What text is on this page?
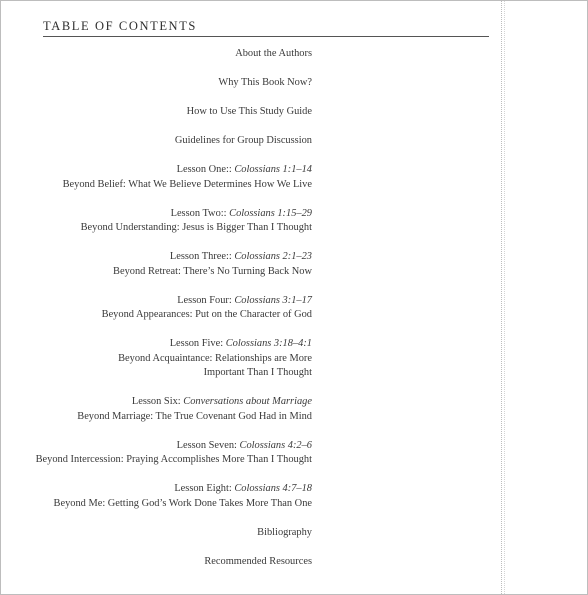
TABLE OF CONTENTS
About the Authors
Why This Book Now?
How to Use This Study Guide
Guidelines for Group Discussion
Lesson One:: Colossians 1:1–14
Beyond Belief: What We Believe Determines How We Live
Lesson Two:: Colossians 1:15–29
Beyond Understanding: Jesus is Bigger Than I Thought
Lesson Three:: Colossians 2:1–23
Beyond Retreat: There’s No Turning Back Now
Lesson Four: Colossians 3:1–17
Beyond Appearances: Put on the Character of God
Lesson Five: Colossians 3:18–4:1
Beyond Acquaintance: Relationships are More
Important Than I Thought
Lesson Six: Conversations about Marriage
Beyond Marriage: The True Covenant God Had in Mind
Lesson Seven: Colossians 4:2–6
Beyond Intercession: Praying Accomplishes More Than I Thought
Lesson Eight: Colossians 4:7–18
Beyond Me: Getting God’s Work Done Takes More Than One
Bibliography
Recommended Resources
